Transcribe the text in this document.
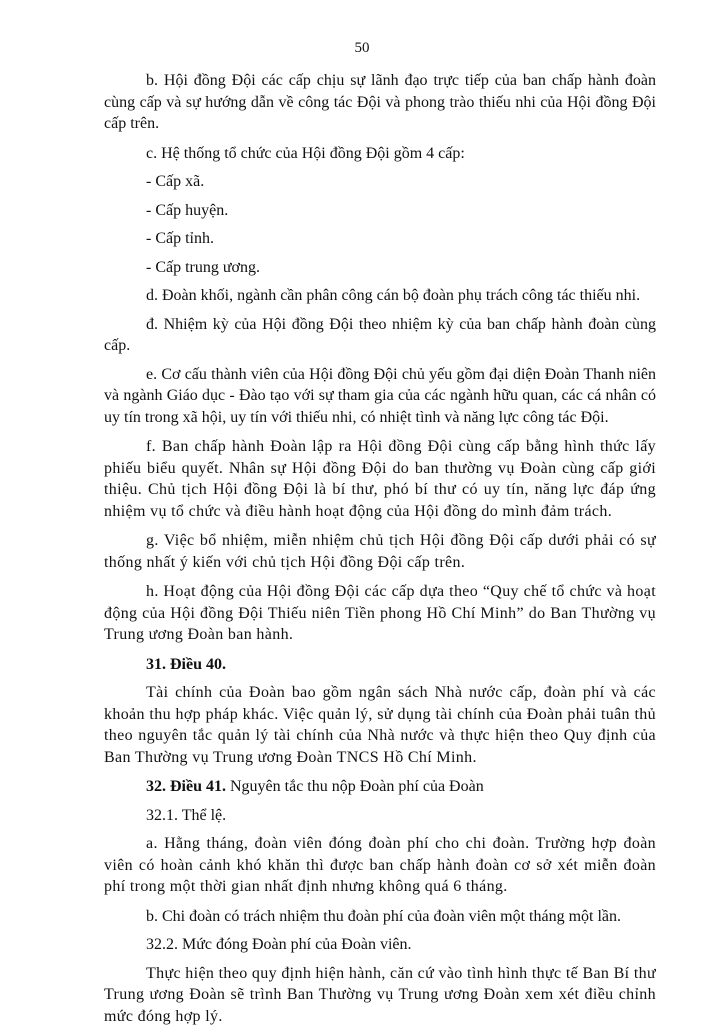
50

b. Hội đồng Đội các cấp chịu sự lãnh đạo trực tiếp của ban chấp hành đoàn cùng cấp và sự hướng dẫn về công tác Đội và phong trào thiếu nhi của Hội đồng Đội cấp trên.

c. Hệ thống tổ chức của Hội đồng Đội gồm 4 cấp:

- Cấp xã.

- Cấp huyện.

- Cấp tỉnh.

- Cấp trung ương.

d. Đoàn khối, ngành cần phân công cán bộ đoàn phụ trách công tác thiếu nhi.

đ. Nhiệm kỳ của Hội đồng Đội theo nhiệm kỳ của ban chấp hành đoàn cùng cấp.

e. Cơ cấu thành viên của Hội đồng Đội chủ yếu gồm đại diện Đoàn Thanh niên và ngành Giáo dục - Đào tạo với sự tham gia của các ngành hữu quan, các cá nhân có uy tín trong xã hội, uy tín với thiếu nhi, có nhiệt tình và năng lực công tác Đội.

f. Ban chấp hành Đoàn lập ra Hội đồng Đội cùng cấp bằng hình thức lấy phiếu biểu quyết. Nhân sự Hội đồng Đội do ban thường vụ Đoàn cùng cấp giới thiệu. Chủ tịch Hội đồng Đội là bí thư, phó bí thư có uy tín, năng lực đáp ứng nhiệm vụ tổ chức và điều hành hoạt động của Hội đồng do mình đảm trách.

g. Việc bổ nhiệm, miễn nhiệm chủ tịch Hội đồng Đội cấp dưới phải có sự thống nhất ý kiến với chủ tịch Hội đồng Đội cấp trên.

h. Hoạt động của Hội đồng Đội các cấp dựa theo “Quy chế tổ chức và hoạt động của Hội đồng Đội Thiếu niên Tiền phong Hồ Chí Minh” do Ban Thường vụ Trung ương Đoàn ban hành.

31. Điều 40.

Tài chính của Đoàn bao gồm ngân sách Nhà nước cấp, đoàn phí và các khoản thu hợp pháp khác. Việc quản lý, sử dụng tài chính của Đoàn phải tuân thủ theo nguyên tắc quản lý tài chính của Nhà nước và thực hiện theo Quy định của Ban Thường vụ Trung ương Đoàn TNCS Hồ Chí Minh.

32. Điều 41. Nguyên tắc thu nộp Đoàn phí của Đoàn

32.1. Thể lệ.

a. Hằng tháng, đoàn viên đóng đoàn phí cho chi đoàn. Trường hợp đoàn viên có hoàn cảnh khó khăn thì được ban chấp hành đoàn cơ sở xét miễn đoàn phí trong một thời gian nhất định nhưng không quá 6 tháng.

b. Chi đoàn có trách nhiệm thu đoàn phí của đoàn viên một tháng một lần.

32.2. Mức đóng Đoàn phí của Đoàn viên.

Thực hiện theo quy định hiện hành, căn cứ vào tình hình thực tế Ban Bí thư Trung ương Đoàn sẽ trình Ban Thường vụ Trung ương Đoàn xem xét điều chỉnh mức đóng hợp lý.
